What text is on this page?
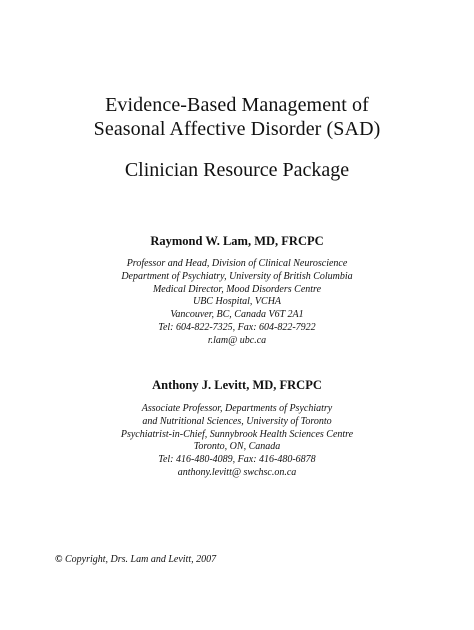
Evidence-Based Management of
Seasonal Affective Disorder (SAD)
Clinician Resource Package
Raymond W. Lam, MD, FRCPC
Professor and Head, Division of Clinical Neuroscience
Department of Psychiatry, University of British Columbia
Medical Director, Mood Disorders Centre
UBC Hospital, VCHA
Vancouver, BC, Canada V6T 2A1
Tel: 604-822-7325, Fax: 604-822-7922
r.lam@ ubc.ca
Anthony J. Levitt, MD, FRCPC
Associate Professor, Departments of Psychiatry
and Nutritional Sciences, University of Toronto
Psychiatrist-in-Chief, Sunnybrook Health Sciences Centre
Toronto, ON, Canada
Tel: 416-480-4089, Fax: 416-480-6878
anthony.levitt@ swchsc.on.ca
© Copyright, Drs. Lam and Levitt, 2007
